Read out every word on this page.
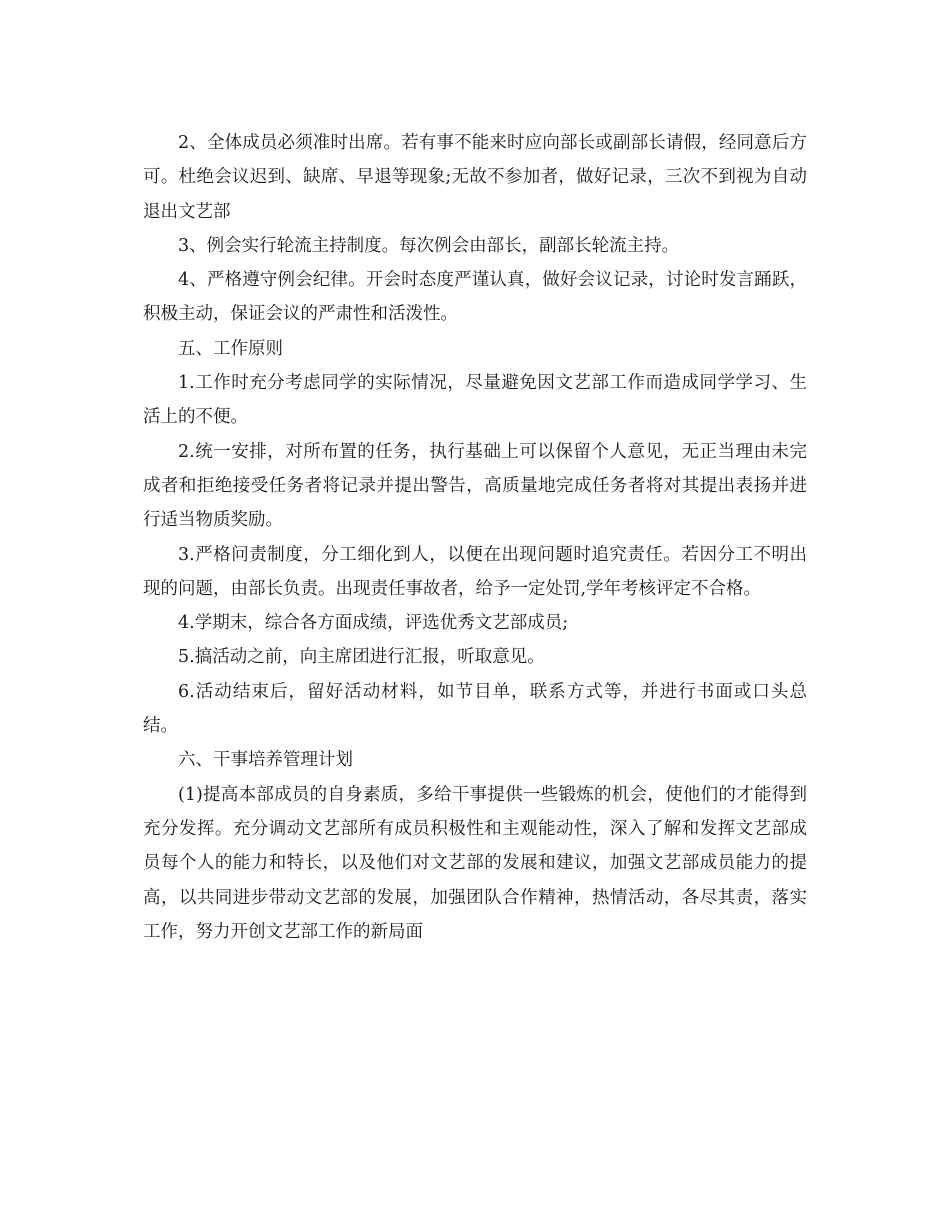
2、全体成员必须准时出席。若有事不能来时应向部长或副部长请假，经同意后方可。杜绝会议迟到、缺席、早退等现象;无故不参加者，做好记录，三次不到视为自动退出文艺部

3、例会实行轮流主持制度。每次例会由部长，副部长轮流主持。

4、严格遵守例会纪律。开会时态度严谨认真，做好会议记录，讨论时发言踊跃，积极主动，保证会议的严肃性和活泼性。

五、工作原则

1.工作时充分考虑同学的实际情况，尽量避免因文艺部工作而造成同学学习、生活上的不便。

2.统一安排，对所布置的任务，执行基础上可以保留个人意见，无正当理由未完成者和拒绝接受任务者将记录并提出警告，高质量地完成任务者将对其提出表扬并进行适当物质奖励。

3.严格问责制度，分工细化到人，以便在出现问题时追究责任。若因分工不明出现的问题，由部长负责。出现责任事故者，给予一定处罚,学年考核评定不合格。

4.学期末，综合各方面成绩，评选优秀文艺部成员;

5.搞活动之前，向主席团进行汇报，听取意见。

6.活动结束后，留好活动材料，如节目单，联系方式等，并进行书面或口头总结。

六、干事培养管理计划

(1)提高本部成员的自身素质，多给干事提供一些锻炼的机会，使他们的才能得到充分发挥。充分调动文艺部所有成员积极性和主观能动性，深入了解和发挥文艺部成员每个人的能力和特长，以及他们对文艺部的发展和建议，加强文艺部成员能力的提高，以共同进步带动文艺部的发展，加强团队合作精神，热情活动，各尽其责，落实工作，努力开创文艺部工作的新局面
